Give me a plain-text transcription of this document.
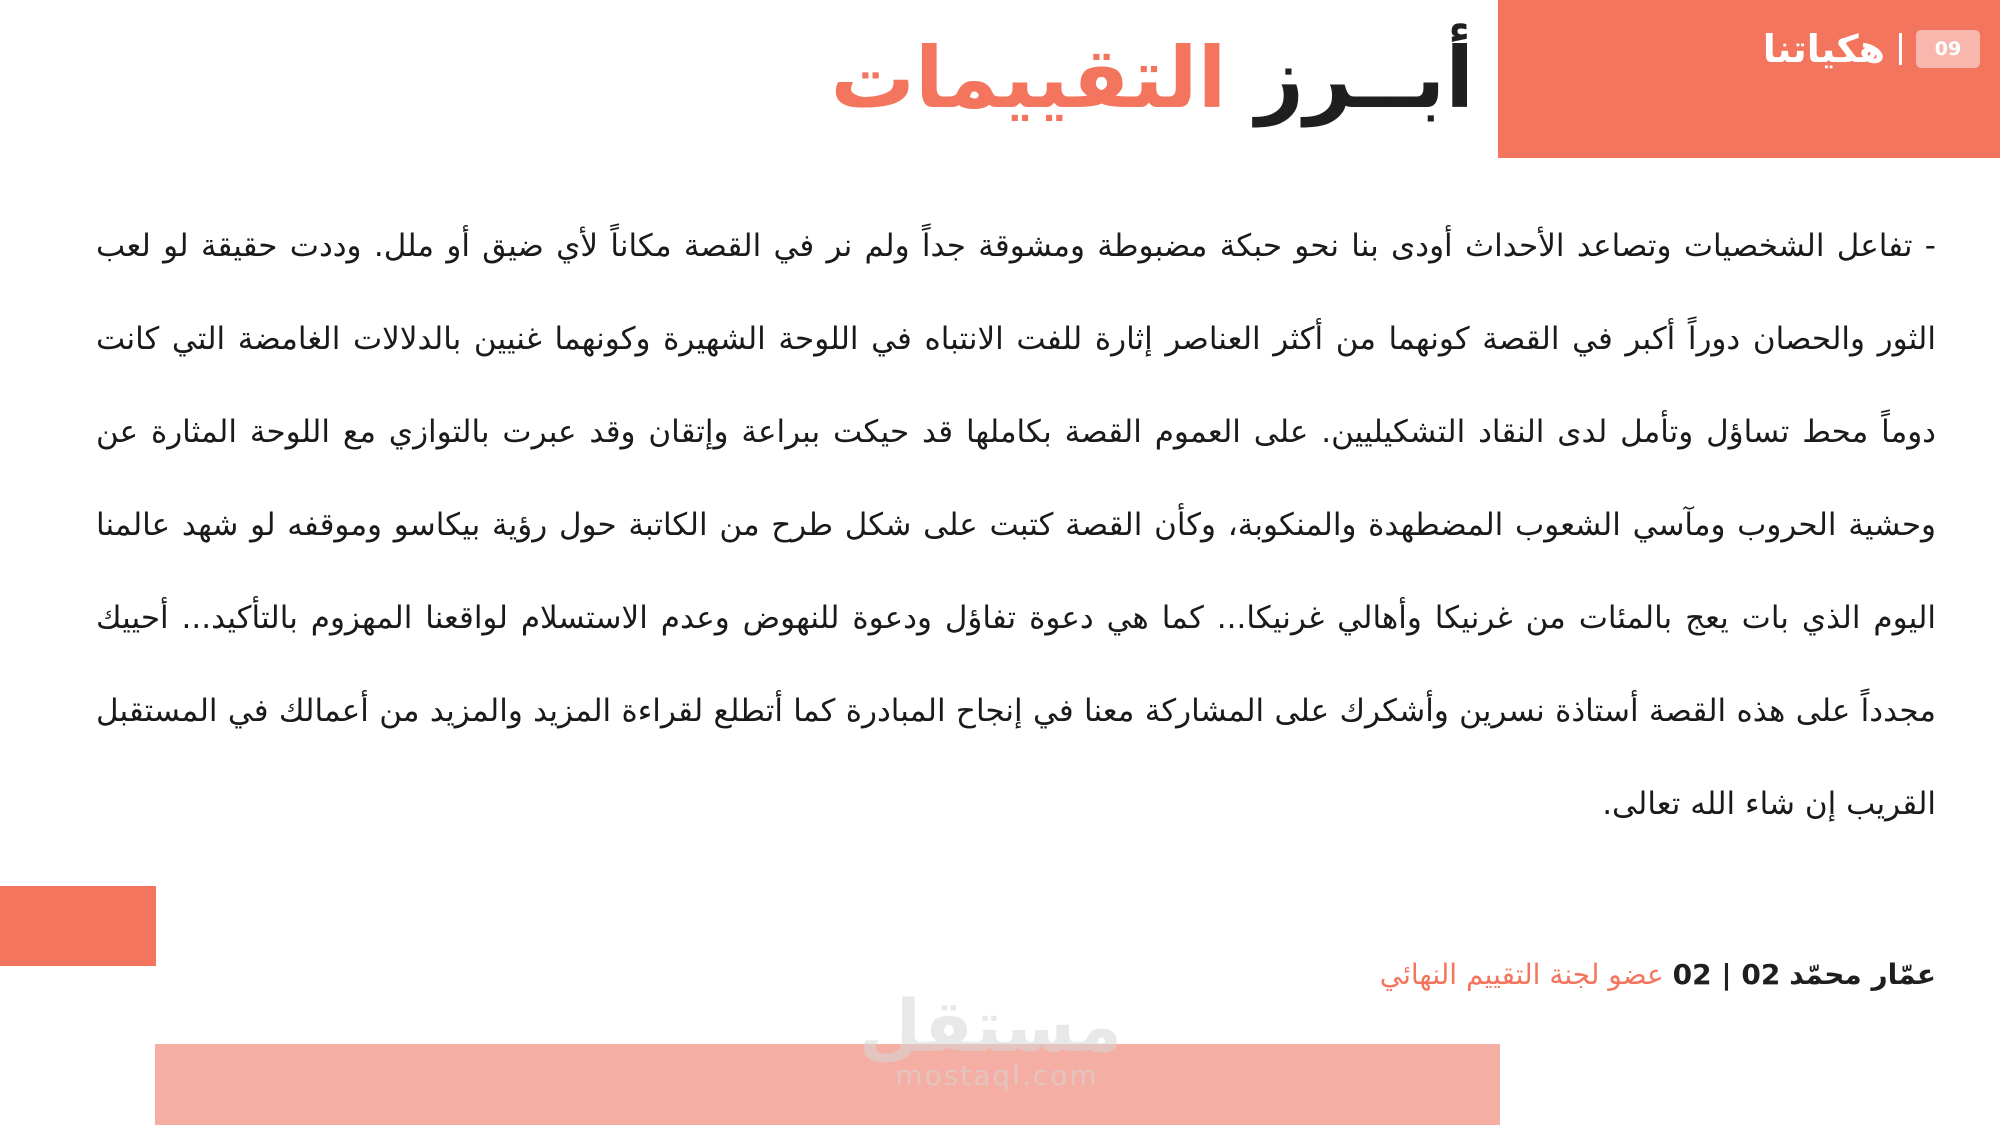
هكياتنا	09
أبــرز التقييمات

- تفاعل الشخصيات وتصاعد الأحداث أودى بنا نحو حبكة مضبوطة ومشوقة جداً ولم نر في القصة مكاناً لأي ضيق أو ملل. وددت حقيقة لو لعب الثور والحصان دوراً أكبر في القصة كونهما من أكثر العناصر إثارة للفت الانتباه في اللوحة الشهيرة وكونهما غنيين بالدلالات الغامضة التي كانت دوماً محط تساؤل وتأمل لدى النقاد التشكيليين. على العموم القصة بكاملها قد حيكت ببراعة وإتقان وقد عبرت بالتوازي مع اللوحة المثارة عن وحشية الحروب ومآسي الشعوب المضطهدة والمنكوبة، وكأن القصة كتبت على شكل طرح من الكاتبة حول رؤية بيكاسو وموقفه لو شهد عالمنا اليوم الذي بات يعج بالمئات من غرنيكا وأهالي غرنيكا... كما هي دعوة تفاؤل ودعوة للنهوض وعدم الاستسلام لواقعنا المهزوم بالتأكيد... أحييك مجدداً على هذه القصة أستاذة نسرين وأشكرك على المشاركة معنا في إنجاح المبادرة كما أتطلع لقراءة المزيد والمزيد من أعمالك في المستقبل القريب إن شاء الله تعالى.

عمّار محمّد 02 | 02 عضو لجنة التقييم النهائي
مستقل
mostaql.com
